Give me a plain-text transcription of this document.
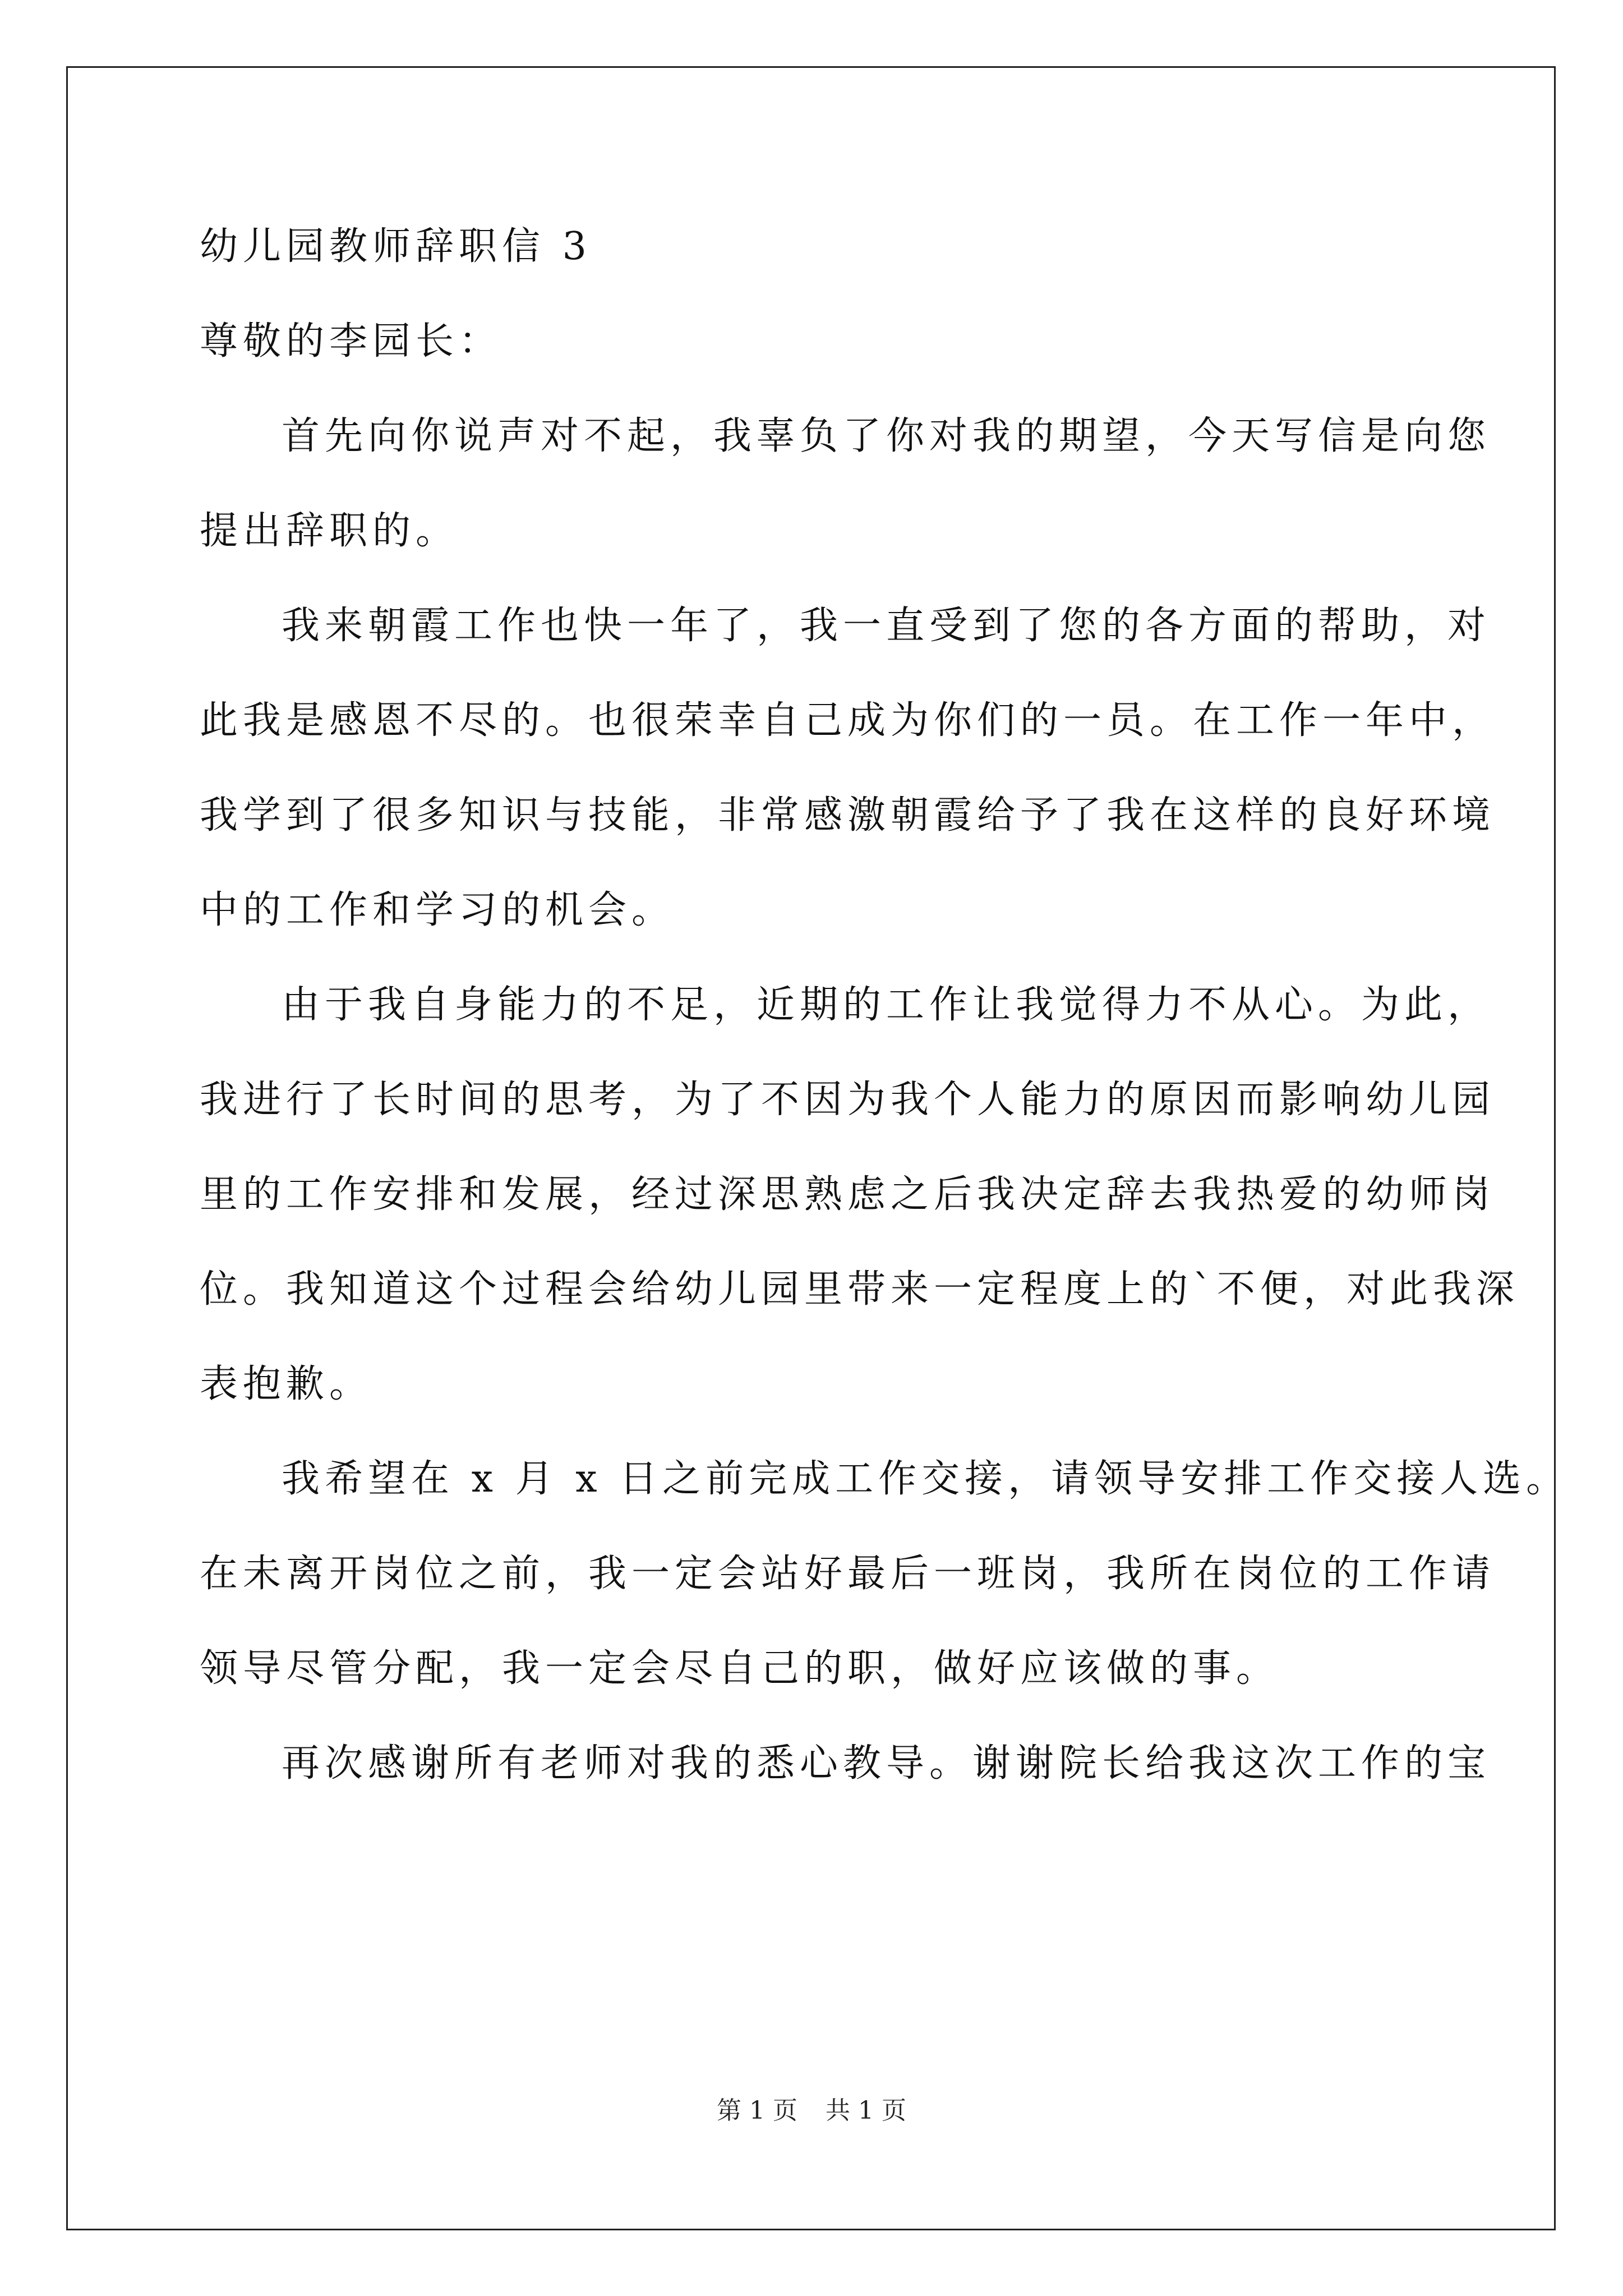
幼儿园教师辞职信 3
尊敬的李园长：
首先向你说声对不起，我辜负了你对我的期望，今天写信是向您
提出辞职的。
我来朝霞工作也快一年了，我一直受到了您的各方面的帮助，对
此我是感恩不尽的。也很荣幸自己成为你们的一员。在工作一年中，
我学到了很多知识与技能，非常感激朝霞给予了我在这样的良好环境
中的工作和学习的机会。
由于我自身能力的不足，近期的工作让我觉得力不从心。为此，
我进行了长时间的思考，为了不因为我个人能力的原因而影响幼儿园
里的工作安排和发展，经过深思熟虑之后我决定辞去我热爱的幼师岗
位。我知道这个过程会给幼儿园里带来一定程度上的`不便，对此我深
表抱歉。
我希望在 x 月 x 日之前完成工作交接，请领导安排工作交接人选。
在未离开岗位之前，我一定会站好最后一班岗，我所在岗位的工作请
领导尽管分配，我一定会尽自己的职，做好应该做的事。
再次感谢所有老师对我的悉心教导。谢谢院长给我这次工作的宝
第 1 页 共 1 页
